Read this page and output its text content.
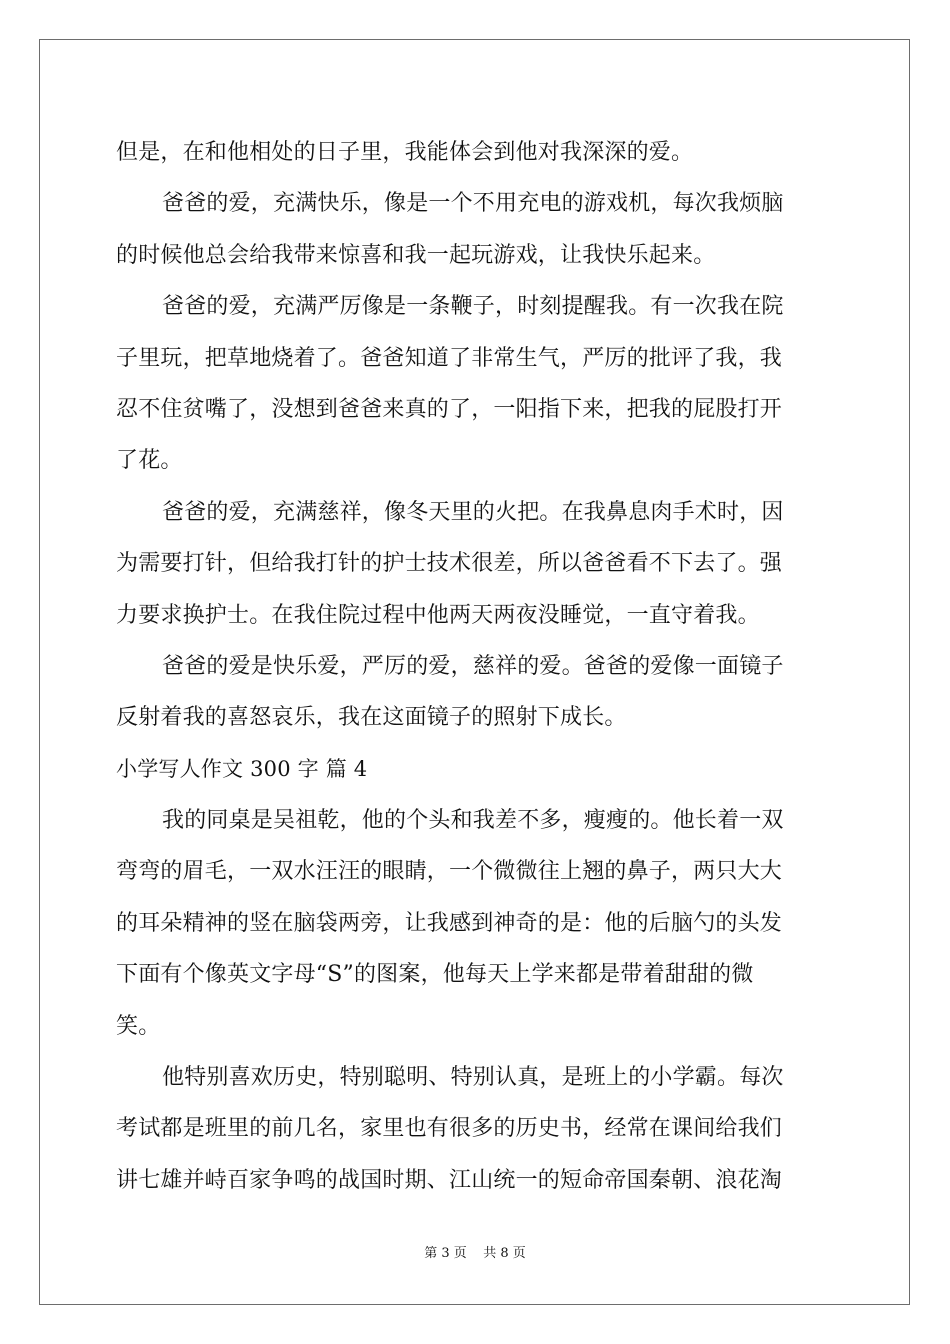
但是，在和他相处的日子里，我能体会到他对我深深的爱。
爸爸的爱，充满快乐，像是一个不用充电的游戏机，每次我烦脑
的时候他总会给我带来惊喜和我一起玩游戏，让我快乐起来。
爸爸的爱，充满严厉像是一条鞭子，时刻提醒我。有一次我在院
子里玩，把草地烧着了。爸爸知道了非常生气，严厉的批评了我，我
忍不住贫嘴了，没想到爸爸来真的了，一阳指下来，把我的屁股打开
了花。
爸爸的爱，充满慈祥，像冬天里的火把。在我鼻息肉手术时，因
为需要打针，但给我打针的护士技术很差，所以爸爸看不下去了。强
力要求换护士。在我住院过程中他两天两夜没睡觉，一直守着我。
爸爸的爱是快乐爱，严厉的爱，慈祥的爱。爸爸的爱像一面镜子
反射着我的喜怒哀乐，我在这面镜子的照射下成长。
小学写人作文 300 字 篇 4
我的同桌是吴祖乾，他的个头和我差不多，瘦瘦的。他长着一双
弯弯的眉毛，一双水汪汪的眼睛，一个微微往上翘的鼻子，两只大大
的耳朵精神的竖在脑袋两旁，让我感到神奇的是：他的后脑勺的头发
下面有个像英文字母“S”的图案，他每天上学来都是带着甜甜的微
笑。
他特别喜欢历史，特别聪明、特别认真，是班上的小学霸。每次
考试都是班里的前几名，家里也有很多的历史书，经常在课间给我们
讲七雄并峙百家争鸣的战国时期、江山统一的短命帝国秦朝、浪花淘
第 3 页    共 8 页
